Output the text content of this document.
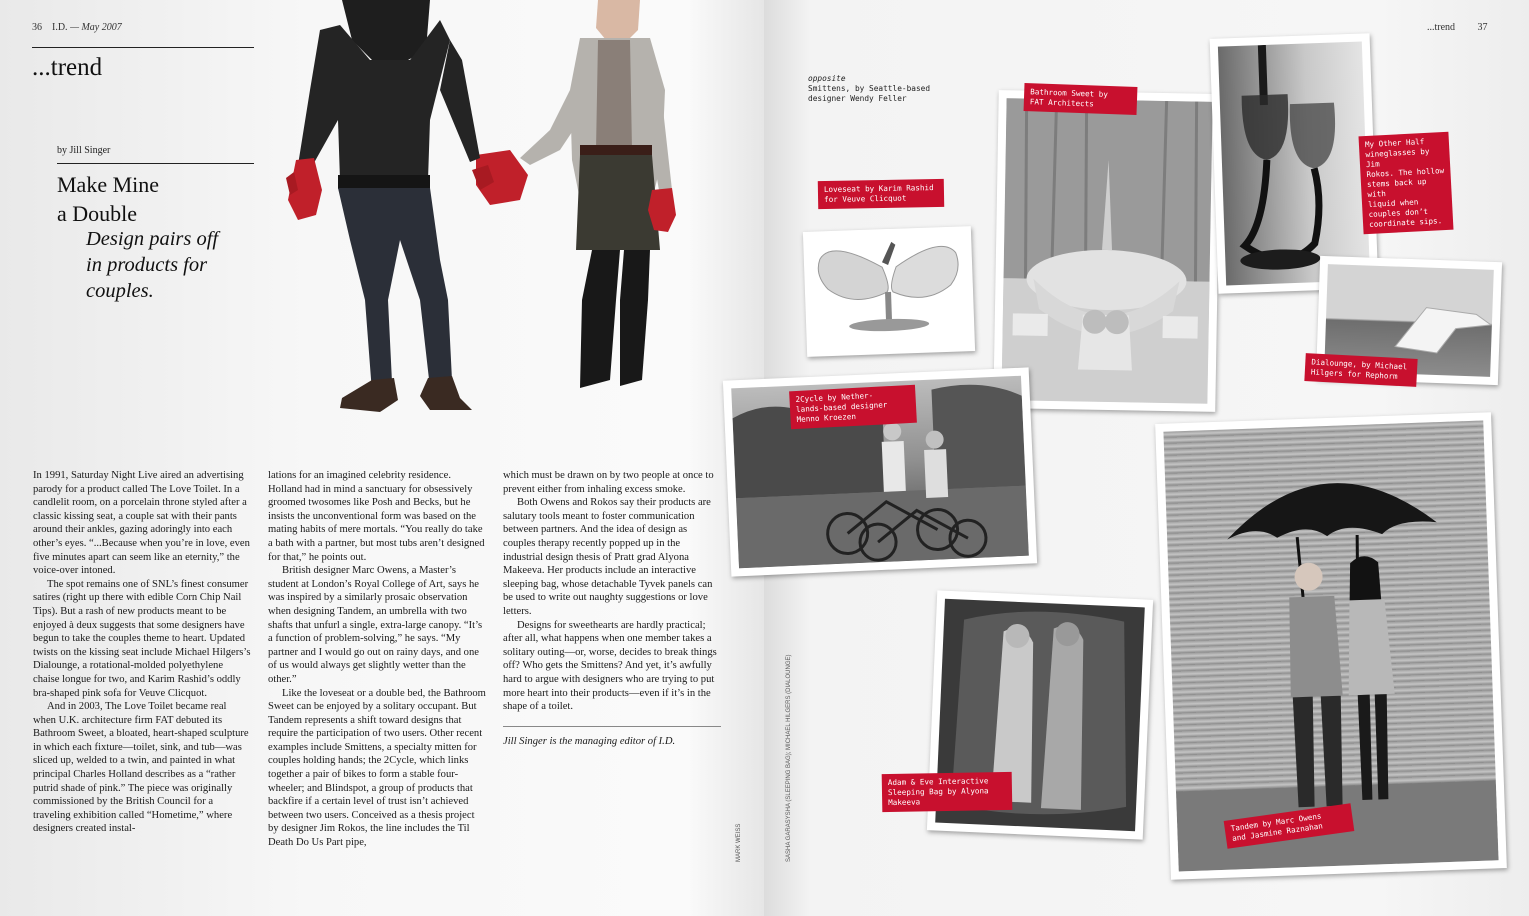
36 I.D. — May 2007
...trend
by Jill Singer
Make Mine
a Double
Design pairs off
in products for
couples.

In 1991, Saturday Night Live aired an advertising parody for a product called The Love Toilet. In a candlelit room, on a porcelain throne styled after a classic kissing seat, a couple sat with their pants around their ankles, gazing adoringly into each other’s eyes. “...Because when you’re in love, even five minutes apart can seem like an eternity,” the voice-over intoned.

The spot remains one of SNL’s finest consumer satires (right up there with edible Corn Chip Nail Tips). But a rash of new products meant to be enjoyed à deux suggests that some designers have begun to take the couples theme to heart. Updated twists on the kissing seat include Michael Hilgers’s Dialounge, a rotational-molded polyethylene chaise longue for two, and Karim Rashid’s oddly bra-shaped pink sofa for Veuve Clicquot.

And in 2003, The Love Toilet became real when U.K. architecture firm FAT debuted its Bathroom Sweet, a bloated, heart-shaped sculpture in which each fixture—toilet, sink, and tub—was sliced up, welded to a twin, and painted in what principal Charles Holland describes as a “rather putrid shade of pink.” The piece was originally commissioned by the British Council for a traveling exhibition called “Hometime,” where designers created instal-

lations for an imagined celebrity residence. Holland had in mind a sanctuary for obsessively groomed twosomes like Posh and Becks, but he insists the unconventional form was based on the mating habits of mere mortals. “You really do take a bath with a partner, but most tubs aren’t designed for that,” he points out.

British designer Marc Owens, a Master’s student at London’s Royal College of Art, says he was inspired by a similarly prosaic observation when designing Tandem, an umbrella with two shafts that unfurl a single, extra-large canopy. “It’s a function of problem-solving,” he says. “My partner and I would go out on rainy days, and one of us would always get slightly wetter than the other.”

Like the loveseat or a double bed, the Bathroom Sweet can be enjoyed by a solitary occupant. But Tandem represents a shift toward designs that require the participation of two users. Other recent examples include Smittens, a specialty mitten for couples holding hands; the 2Cycle, which links together a pair of bikes to form a stable four-wheeler; and Blindspot, a group of products that backfire if a certain level of trust isn’t achieved between two users. Conceived as a thesis project by designer Jim Rokos, the line includes the Til Death Do Us Part pipe,

which must be drawn on by two people at once to prevent either from inhaling excess smoke.

Both Owens and Rokos say their products are salutary tools meant to foster communication between partners. And the idea of design as couples therapy recently popped up in the industrial design thesis of Pratt grad Alyona Makeeva. Her products include an interactive sleeping bag, whose detachable Tyvek panels can be used to write out naughty suggestions or love letters.

Designs for sweethearts are hardly practical; after all, what happens when one member takes a solitary outing—or, worse, decides to break things off? Who gets the Smittens? And yet, it’s awfully hard to argue with designers who are trying to put more heart into their products—even if it’s in the shape of a toilet.

Jill Singer is the managing editor of I.D.

MARK WEISS	SASHA GARASYSHA (SLEEPING BAG); MICHAEL HILGERS (DIALOUNGE)
...trend 37
opposite
Smittens, by Seattle-based
designer Wendy Feller	Bathroom Sweet by
FAT Architects
My Other Half
wineglasses by Jim
Rokos. The hollow
stems back up with
liquid when
couples don’t
coordinate sips.
Loveseat by Karim Rashid
for Veuve Clicquot
Dialounge, by Michael
Hilgers for Rephorm
2Cycle by Nether-
lands-based designer
Menno Kroezen
Adam & Eve Interactive
Sleeping Bag by Alyona
Makeeva
Tandem by Marc Owens
and Jasmine Raznahan
